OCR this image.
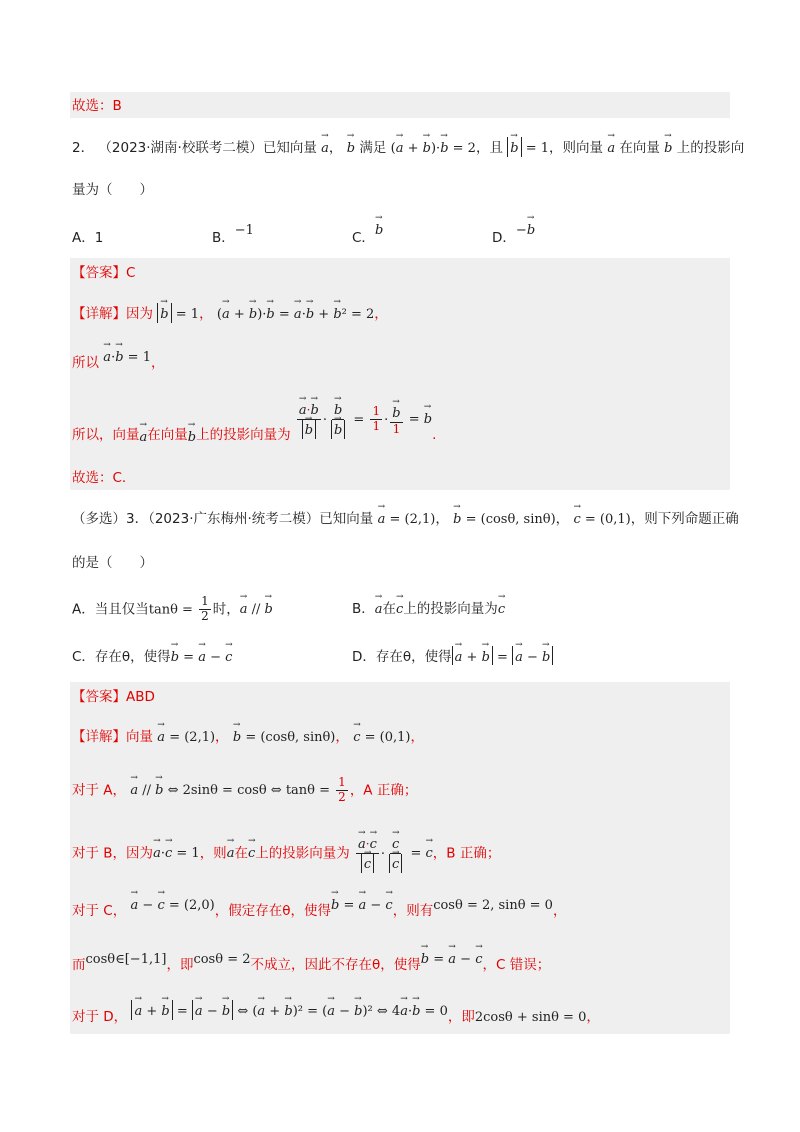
故选：B
2． （2023·湖南·校联考二模）已知向量 → a， → b 满足 (→ a + → b)·→ b = 2，且 → b = 1，则向量 → a 在向量 → b 上的投影向
量为（　　）
A．1	B．−1	C．→ b	D．−→ b
【答案】C
【详解】因为 → b = 1， (→ a + → b)·→ b = → a·→ b + → b² = 2，
所以 → a·→ b = 1，
所以，向量→ a在向量→ b上的投影向量为 → a·→ b
→ b · → b
→ $b = \frac{1}{1}$ · → $\frac{b}{1}$ = → b.
故选：C.
（多选）3．（2023·广东梅州·统考二模）已知向量 → a = (2,1)， → b = (cosθ, sinθ)， → c = (0,1)，则下列命题正确
的是（　　）
A．当且仅当$\tan\theta = \frac{1}{2}$ 时，→ a // → b	B．→ a在→ c上的投影向量为→ c
C．存在θ，使得→ b = → a − → c	D．存在θ，使得 → a + → b = → a − → b
【答案】ABD
【详解】向量 → a = (2,1)， → b = (cosθ, sinθ)， → c = (0,1)，
对于 A， → a // → b ⇔ 2sinθ = cosθ ⇔ $\tan\theta = \frac{1}{2}$ ，A 正确；
对于 B，因为→ a·→ c = 1，则→ a在→ c上的投影向量为 → a·→ c
→ c · → c
→ c = → c，B 正确；
对于 C， → a − → c = (2,0)，假定存在θ，使得→ b = → a − → c，则有cosθ = 2, sinθ = 0，
而cosθ∈[−1,1]，即cosθ = 2不成立，因此不存在θ，使得→ b = → a − → c，C 错误；
对于 D， → a + → b = → a − → b ⇔ (→ a + → b)² = (→ a − → b)² ⇔ 4→ a·→ b = 0，即2cosθ + sinθ = 0，
